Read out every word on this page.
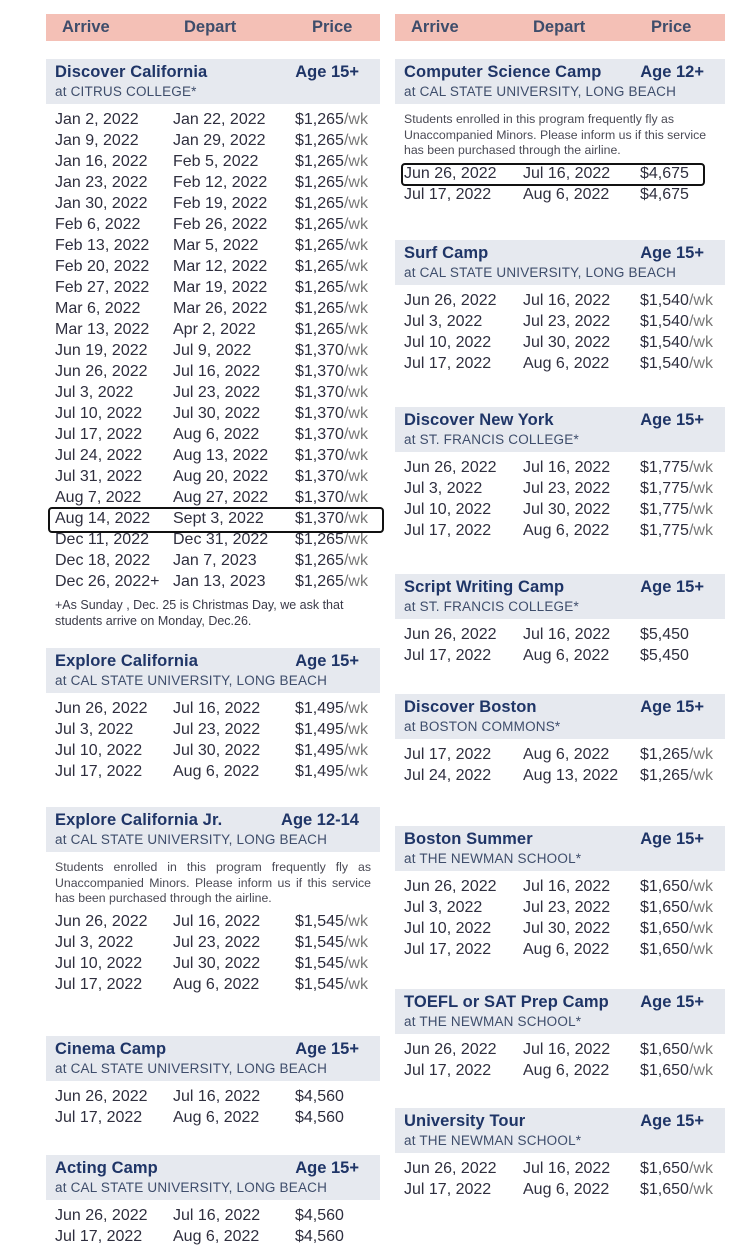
Arrive	Depart	Price
Discover California	Age 15+
at CITRUS COLLEGE*
Jan 2, 2022	Jan 22, 2022	$1,265/wk
Jan 9, 2022	Jan 29, 2022	$1,265/wk
Jan 16, 2022	Feb 5, 2022	$1,265/wk
Jan 23, 2022	Feb 12, 2022	$1,265/wk
Jan 30, 2022	Feb 19, 2022	$1,265/wk
Feb 6, 2022	Feb 26, 2022	$1,265/wk
Feb 13, 2022	Mar 5, 2022	$1,265/wk
Feb 20, 2022	Mar 12, 2022	$1,265/wk
Feb 27, 2022	Mar 19, 2022	$1,265/wk
Mar 6, 2022	Mar 26, 2022	$1,265/wk
Mar 13, 2022	Apr 2, 2022	$1,265/wk
Jun 19, 2022	Jul 9, 2022	$1,370/wk
Jun 26, 2022	Jul 16, 2022	$1,370/wk
Jul 3, 2022	Jul 23, 2022	$1,370/wk
Jul 10, 2022	Jul 30, 2022	$1,370/wk
Jul 17, 2022	Aug 6, 2022	$1,370/wk
Jul 24, 2022	Aug 13, 2022	$1,370/wk
Jul 31, 2022	Aug 20, 2022	$1,370/wk
Aug 7, 2022	Aug 27, 2022	$1,370/wk
Aug 14, 2022	Sept 3, 2022	$1,370/wk
Dec 11, 2022	Dec 31, 2022	$1,265/wk
Dec 18, 2022	Jan 7, 2023	$1,265/wk
Dec 26, 2022+ Jan 13, 2023	$1,265/wk
+As Sunday , Dec. 25 is Christmas Day, we ask that students arrive on Monday, Dec.26.
Explore California	Age 15+
at CAL STATE UNIVERSITY, LONG BEACH
Jun 26, 2022	Jul 16, 2022	$1,495/wk
Jul 3, 2022	Jul 23, 2022	$1,495/wk
Jul 10, 2022	Jul 30, 2022	$1,495/wk
Jul 17, 2022	Aug 6, 2022	$1,495/wk
Explore California Jr.	Age 12-14
at CAL STATE UNIVERSITY, LONG BEACH
Students enrolled in this program frequently fly as Unaccompanied Minors. Please inform us if this service has been purchased through the airline.
Jun 26, 2022	Jul 16, 2022	$1,545/wk
Jul 3, 2022	Jul 23, 2022	$1,545/wk
Jul 10, 2022	Jul 30, 2022	$1,545/wk
Jul 17, 2022	Aug 6, 2022	$1,545/wk
Cinema Camp	Age 15+
at CAL STATE UNIVERSITY, LONG BEACH
Jun 26, 2022	Jul 16, 2022	$4,560
Jul 17, 2022	Aug 6, 2022	$4,560
Acting Camp	Age 15+
at CAL STATE UNIVERSITY, LONG BEACH
Jun 26, 2022	Jul 16, 2022	$4,560
Jul 17, 2022	Aug 6, 2022	$4,560
Arrive	Depart	Price
Computer Science Camp Age 12+
at CAL STATE UNIVERSITY, LONG BEACH
Students enrolled in this program frequently fly as Unaccompanied Minors. Please inform us if this service has been purchased through the airline.
Jun 26, 2022	Jul 16, 2022	$4,675
Jul 17, 2022	Aug 6, 2022	$4,675
Surf Camp	Age 15+
at CAL STATE UNIVERSITY, LONG BEACH
Jun 26, 2022	Jul 16, 2022	$1,540/wk
Jul 3, 2022	Jul 23, 2022	$1,540/wk
Jul 10, 2022	Jul 30, 2022	$1,540/wk
Jul 17, 2022	Aug 6, 2022	$1,540/wk
Discover New York	Age 15+
at ST. FRANCIS COLLEGE*
Jun 26, 2022	Jul 16, 2022	$1,775/wk
Jul 3, 2022	Jul 23, 2022	$1,775/wk
Jul 10, 2022	Jul 30, 2022	$1,775/wk
Jul 17, 2022	Aug 6, 2022	$1,775/wk
Script Writing Camp	Age 15+
at ST. FRANCIS COLLEGE*
Jun 26, 2022	Jul 16, 2022	$5,450
Jul 17, 2022	Aug 6, 2022	$5,450
Discover Boston	Age 15+
at BOSTON COMMONS*
Jul 17, 2022	Aug 6, 2022	$1,265/wk
Jul 24, 2022	Aug 13, 2022	$1,265/wk
Boston Summer	Age 15+
at THE NEWMAN SCHOOL*
Jun 26, 2022	Jul 16, 2022	$1,650/wk
Jul 3, 2022	Jul 23, 2022	$1,650/wk
Jul 10, 2022	Jul 30, 2022	$1,650/wk
Jul 17, 2022	Aug 6, 2022	$1,650/wk
TOEFL or SAT Prep Camp Age 15+
at THE NEWMAN SCHOOL*
Jun 26, 2022	Jul 16, 2022	$1,650/wk
Jul 17, 2022	Aug 6, 2022	$1,650/wk
University Tour	Age 15+
at THE NEWMAN SCHOOL*
Jun 26, 2022	Jul 16, 2022	$1,650/wk
Jul 17, 2022	Aug 6, 2022	$1,650/wk
